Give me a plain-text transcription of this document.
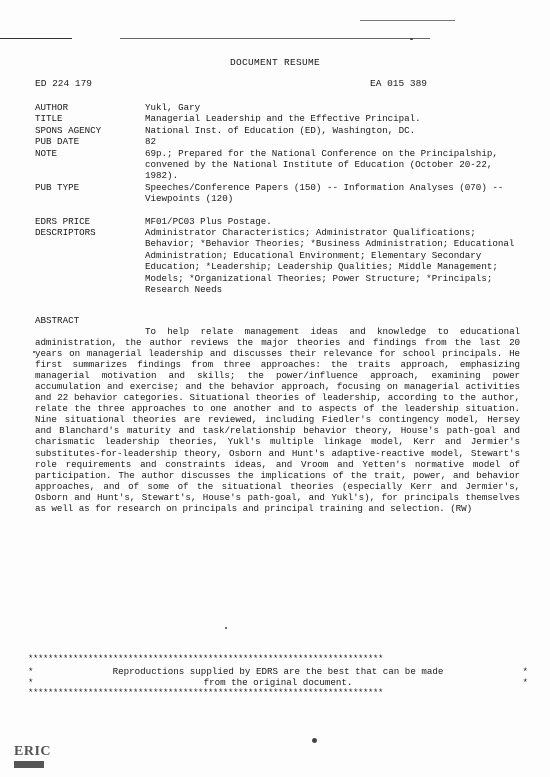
DOCUMENT RESUME
ED 224 179	EA 015 389
AUTHOR	Yukl, Gary
TITLE	Managerial Leadership and the Effective Principal.
SPONS AGENCY	National Inst. of Education (ED), Washington, DC.
PUB DATE	82
NOTE	69p.; Prepared for the National Conference on the Principalship, convened by the National Institute of Education (October 20-22, 1982).
PUB TYPE	Speeches/Conference Papers (150) -- Information Analyses (070) -- Viewpoints (120)
EDRS PRICE	MF01/PC03 Plus Postage.
DESCRIPTORS	Administrator Characteristics; Administrator Qualifications; Behavior; *Behavior Theories; *Business Administration; Educational Administration; Educational Environment; Elementary Secondary Education; *Leadership; Leadership Qualities; Middle Management; Models; *Organizational Theories; Power Structure; *Principals; Research Needs
ABSTRACT
To help relate management ideas and knowledge to educational administration, the author reviews the major theories and findings from the last 20 years on managerial leadership and discusses their relevance for school principals. He first summarizes findings from three approaches: the traits approach, emphasizing managerial motivation and skills; the power/influence approach, examining power accumulation and exercise; and the behavior approach, focusing on managerial activities and 22 behavior categories. Situational theories of leadership, according to the author, relate the three approaches to one another and to aspects of the leadership situation. Nine situational theories are reviewed, including Fiedler's contingency model, Hersey and Blanchard's maturity and task/relationship behavior theory, House's path-goal and charismatic leadership theories, Yukl's multiple linkage model, Kerr and Jermier's substitutes-for-leadership theory, Osborn and Hunt's adaptive-reactive model, Stewart's role requirements and constraints ideas, and Vroom and Yetten's normative model of participation. The author discusses the implications of the trait, power, and behavior approaches, and of some of the situational theories (especially Kerr and Jermier's, Osborn and Hunt's, Stewart's, House's path-goal, and Yukl's), for principals themselves as well as for research on principals and principal training and selection. (RW)
***********************************************************************
*	Reproductions supplied by EDRS are the best that can be made	*
*	from the original document.	*
***********************************************************************
ERIC
